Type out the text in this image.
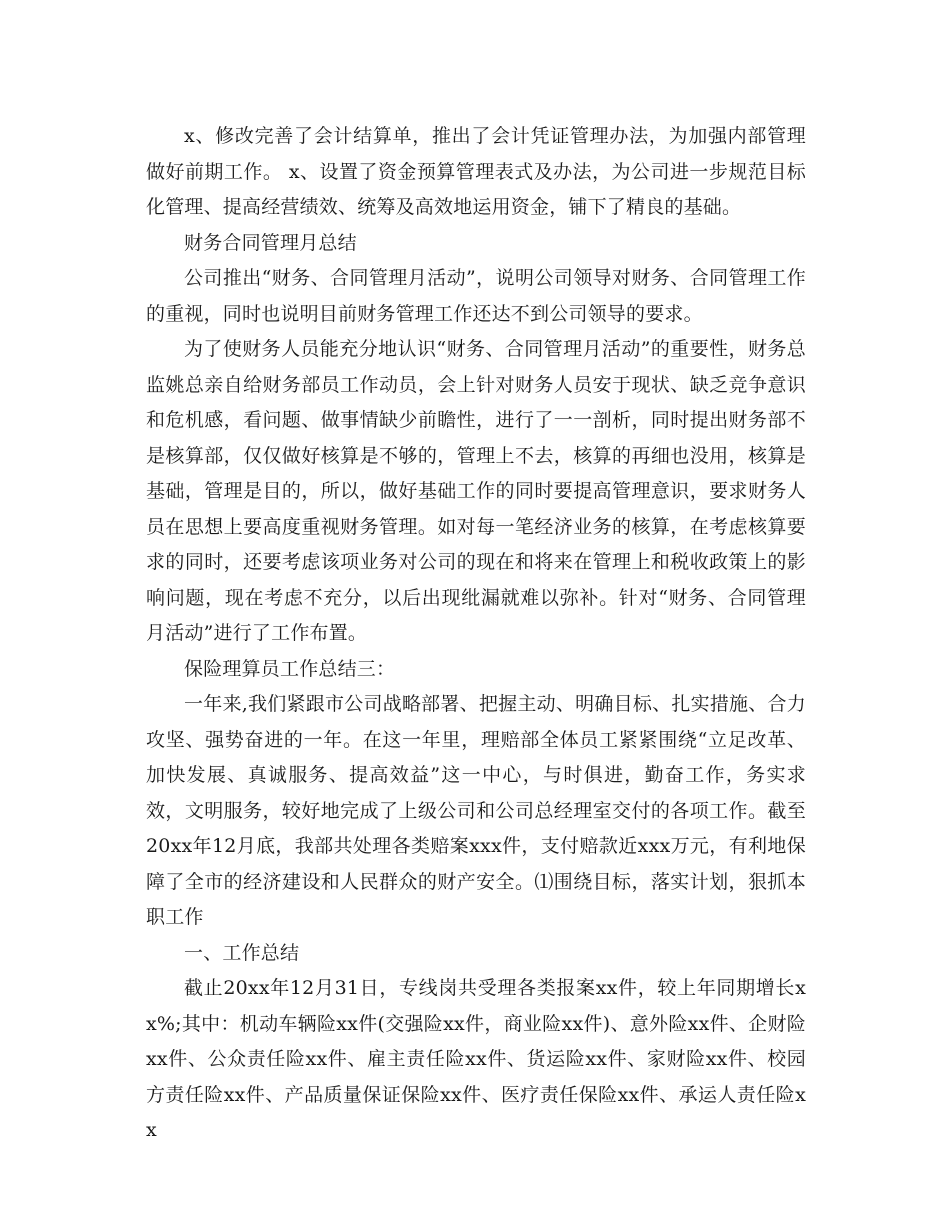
x、修改完善了会计结算单，推出了会计凭证管理办法，为加强内部管理做好前期工作。 x、设置了资金预算管理表式及办法，为公司进一步规范目标化管理、提高经营绩效、统筹及高效地运用资金，铺下了精良的基础。

财务合同管理月总结

公司推出“财务、合同管理月活动”，说明公司领导对财务、合同管理工作的重视，同时也说明目前财务管理工作还达不到公司领导的要求。

为了使财务人员能充分地认识“财务、合同管理月活动”的重要性，财务总监姚总亲自给财务部员工作动员，会上针对财务人员安于现状、缺乏竞争意识和危机感，看问题、做事情缺少前瞻性，进行了一一剖析，同时提出财务部不是核算部，仅仅做好核算是不够的，管理上不去，核算的再细也没用，核算是基础，管理是目的，所以，做好基础工作的同时要提高管理意识，要求财务人员在思想上要高度重视财务管理。如对每一笔经济业务的核算，在考虑核算要求的同时，还要考虑该项业务对公司的现在和将来在管理上和税收政策上的影响问题，现在考虑不充分，以后出现纰漏就难以弥补。针对“财务、合同管理月活动”进行了工作布置。

保险理算员工作总结三：

一年来,我们紧跟市公司战略部署、把握主动、明确目标、扎实措施、合力攻坚、强势奋进的一年。在这一年里，理赔部全体员工紧紧围绕“立足改革、加快发展、真诚服务、提高效益”这一中心，与时俱进，勤奋工作，务实求效，文明服务，较好地完成了上级公司和公司总经理室交付的各项工作。截至20xx年12月底，我部共处理各类赔案xxx件，支付赔款近xxx万元，有利地保障了全市的经济建设和人民群众的财产安全。⑴围绕目标，落实计划，狠抓本职工作

一、工作总结

截止20xx年12月31日，专线岗共受理各类报案xx件，较上年同期增长xx%;其中：机动车辆险xx件(交强险xx件，商业险xx件)、意外险xx件、企财险xx件、公众责任险xx件、雇主责任险xx件、货运险xx件、家财险xx件、校园方责任险xx件、产品质量保证保险xx件、医疗责任保险xx件、承运人责任险xx
